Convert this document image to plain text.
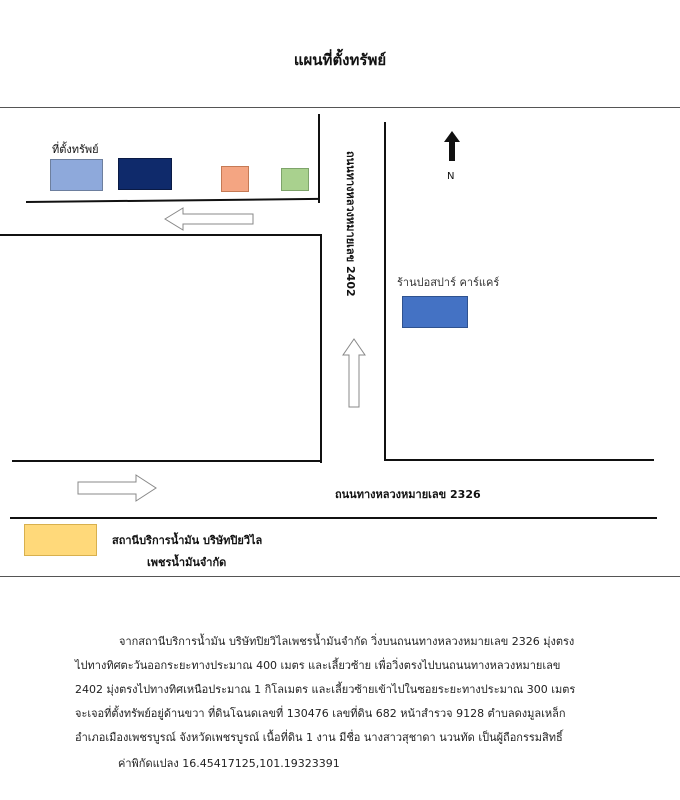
แผนที่ตั้งทรัพย์
ที่ตั้งทรัพย์
N
ถนนทางหลวงหมายเลข 2402	ร้านปอสปาร์ คาร์แคร์
ถนนทางหลวงหมายเลข 2326
สถานีบริการน้ำมัน บริษัทปิยวิไล
เพชรน้ำมันจำกัด
จากสถานีบริการน้ำมัน บริษัทปิยวิไลเพชรน้ำมันจำกัด วิ่งบนถนนทางหลวงหมายเลข 2326 มุ่งตรง
ไปทางทิศตะวันออกระยะทางประมาณ 400 เมตร และเลี้ยวซ้าย เพื่อวิ่งตรงไปบนถนนทางหลวงหมายเลข
2402 มุ่งตรงไปทางทิศเหนือประมาณ 1 กิโลเมตร และเลี้ยวซ้ายเข้าไปในซอยระยะทางประมาณ 300 เมตร
จะเจอที่ตั้งทรัพย์อยู่ด้านขวา ที่ดินโฉนดเลขที่ 130476 เลขที่ดิน 682 หน้าสำรวจ 9128 ตำบลดงมูลเหล็ก
อำเภอเมืองเพชรบูรณ์ จังหวัดเพชรบูรณ์ เนื้อที่ดิน 1 งาน มีชื่อ นางสาวสุชาดา นวนทัด เป็นผู้ถือกรรมสิทธิ์
ค่าพิกัดแปลง 16.45417125,101.19323391
